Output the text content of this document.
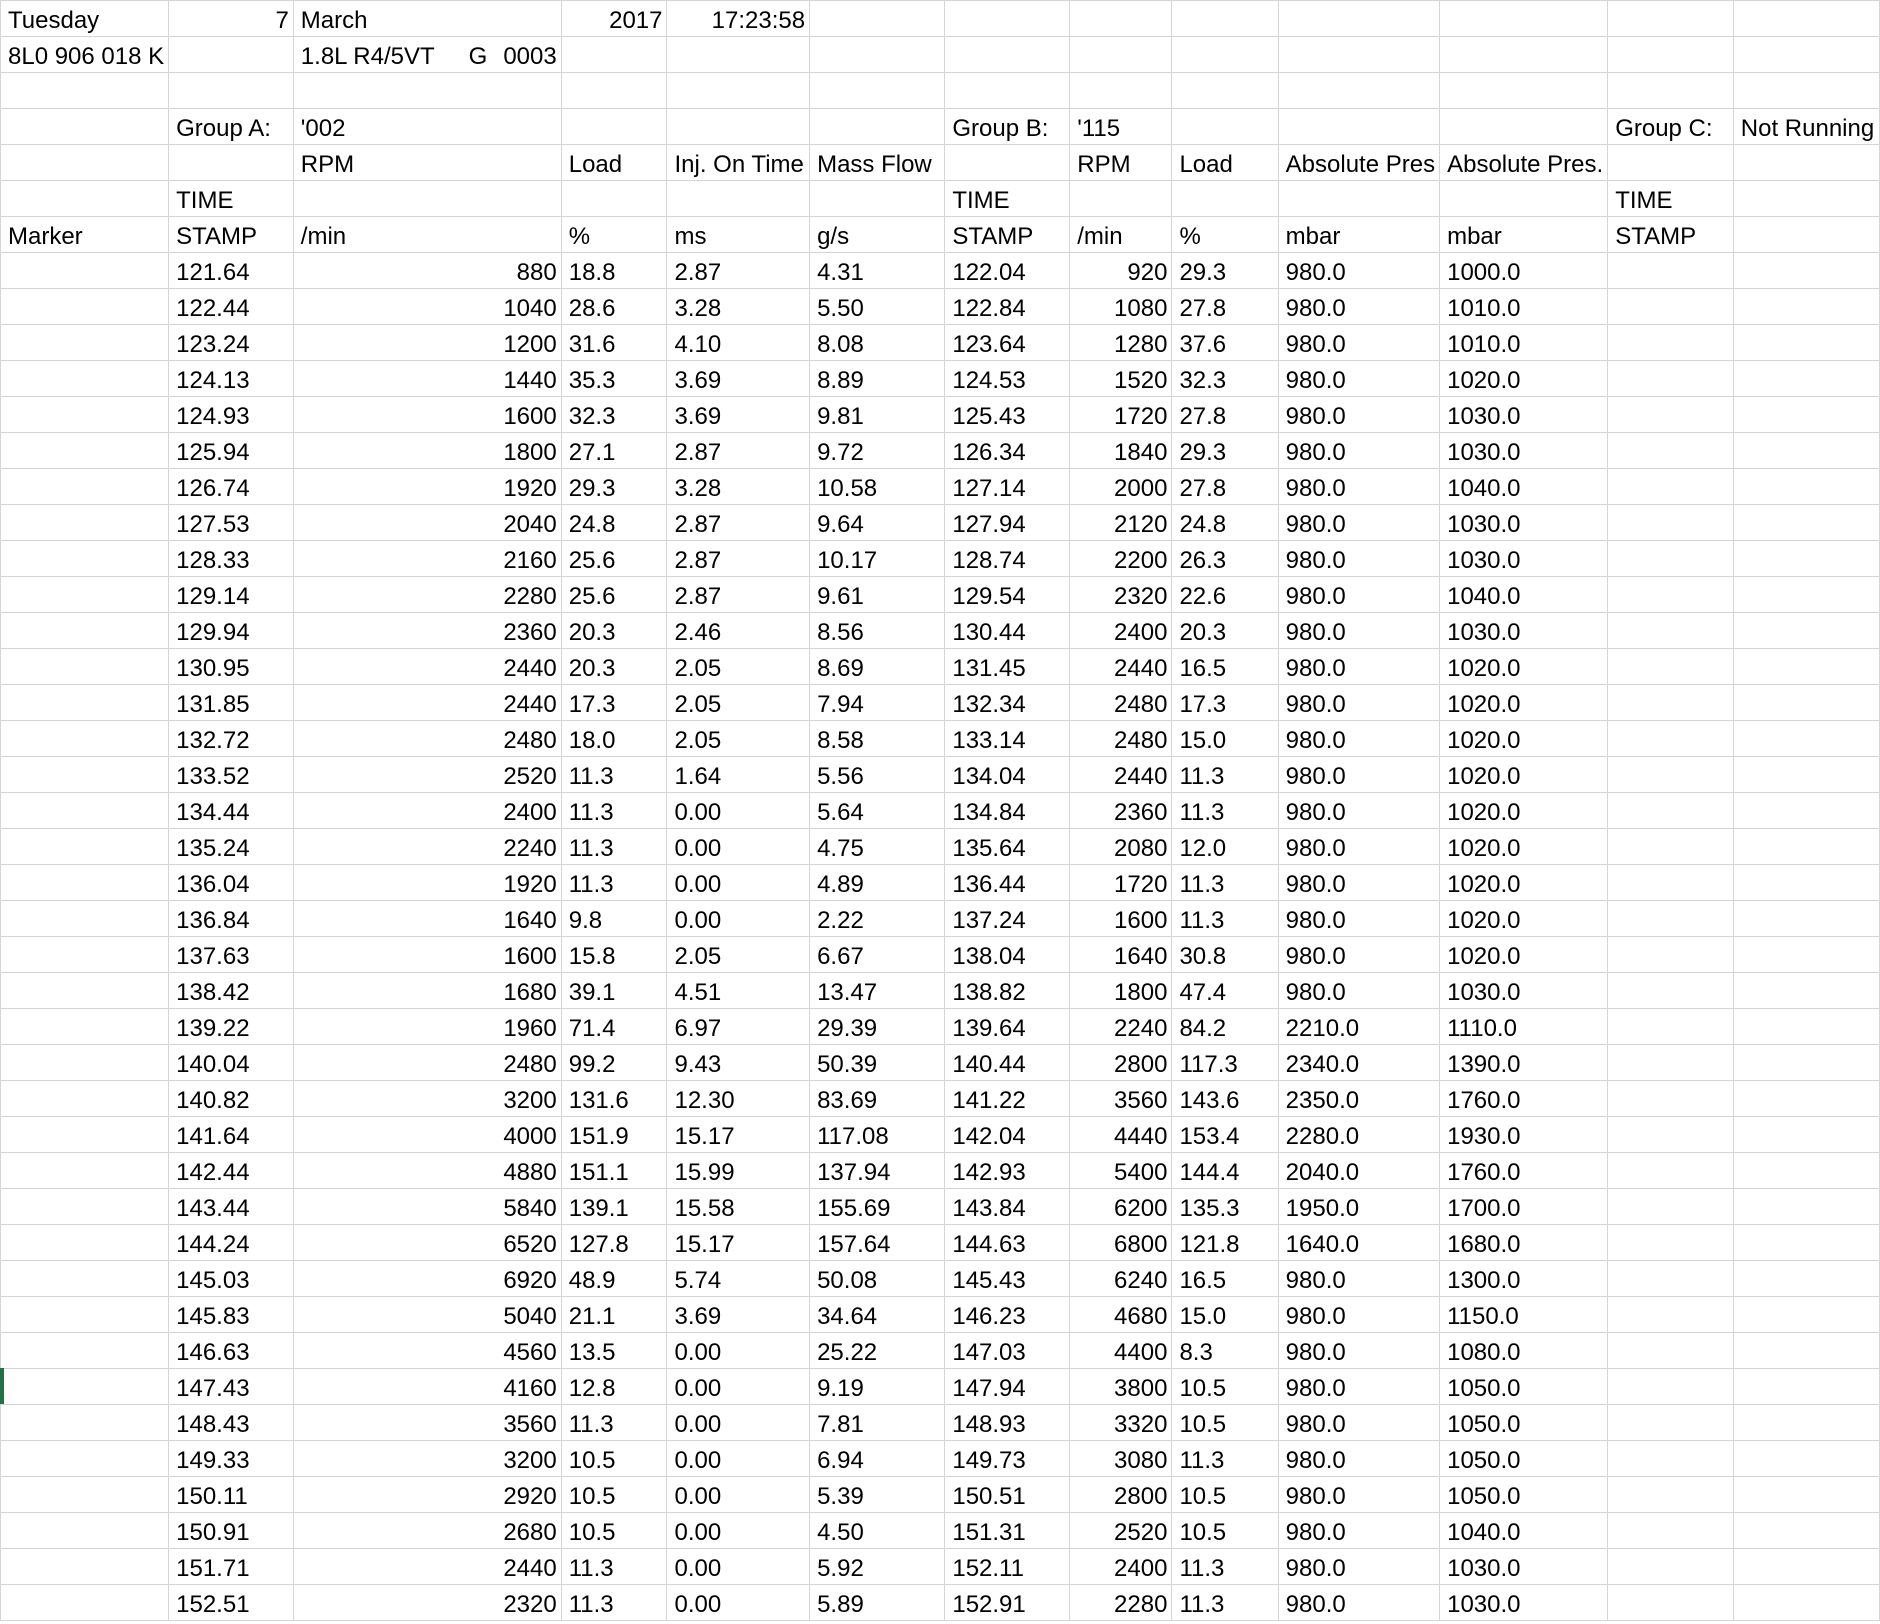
Tuesday	7	March	2017	17:23:58								
8L0 906 018 K		1.8L R4/5VT G 0003										

	Group A:	'002				Group B:	'115				Group C:	Not Running
		RPM	Load	Inj. On Time	Mass Flow		RPM	Load	Absolute Pres	Absolute Pres.		
	TIME					TIME					TIME	
Marker	STAMP	/min	%	ms	g/s	STAMP	/min	%	mbar	mbar	STAMP	
	121.64	880	18.8	2.87	4.31	122.04	920	29.3	980.0	1000.0		
	122.44	1040	28.6	3.28	5.50	122.84	1080	27.8	980.0	1010.0		
	123.24	1200	31.6	4.10	8.08	123.64	1280	37.6	980.0	1010.0		
	124.13	1440	35.3	3.69	8.89	124.53	1520	32.3	980.0	1020.0		
	124.93	1600	32.3	3.69	9.81	125.43	1720	27.8	980.0	1030.0		
	125.94	1800	27.1	2.87	9.72	126.34	1840	29.3	980.0	1030.0		
	126.74	1920	29.3	3.28	10.58	127.14	2000	27.8	980.0	1040.0		
	127.53	2040	24.8	2.87	9.64	127.94	2120	24.8	980.0	1030.0		
	128.33	2160	25.6	2.87	10.17	128.74	2200	26.3	980.0	1030.0		
	129.14	2280	25.6	2.87	9.61	129.54	2320	22.6	980.0	1040.0		
	129.94	2360	20.3	2.46	8.56	130.44	2400	20.3	980.0	1030.0		
	130.95	2440	20.3	2.05	8.69	131.45	2440	16.5	980.0	1020.0		
	131.85	2440	17.3	2.05	7.94	132.34	2480	17.3	980.0	1020.0		
	132.72	2480	18.0	2.05	8.58	133.14	2480	15.0	980.0	1020.0		
	133.52	2520	11.3	1.64	5.56	134.04	2440	11.3	980.0	1020.0		
	134.44	2400	11.3	0.00	5.64	134.84	2360	11.3	980.0	1020.0		
	135.24	2240	11.3	0.00	4.75	135.64	2080	12.0	980.0	1020.0		
	136.04	1920	11.3	0.00	4.89	136.44	1720	11.3	980.0	1020.0		
	136.84	1640	9.8	0.00	2.22	137.24	1600	11.3	980.0	1020.0		
	137.63	1600	15.8	2.05	6.67	138.04	1640	30.8	980.0	1020.0		
	138.42	1680	39.1	4.51	13.47	138.82	1800	47.4	980.0	1030.0		
	139.22	1960	71.4	6.97	29.39	139.64	2240	84.2	2210.0	1110.0		
	140.04	2480	99.2	9.43	50.39	140.44	2800	117.3	2340.0	1390.0		
	140.82	3200	131.6	12.30	83.69	141.22	3560	143.6	2350.0	1760.0		
	141.64	4000	151.9	15.17	117.08	142.04	4440	153.4	2280.0	1930.0		
	142.44	4880	151.1	15.99	137.94	142.93	5400	144.4	2040.0	1760.0		
	143.44	5840	139.1	15.58	155.69	143.84	6200	135.3	1950.0	1700.0		
	144.24	6520	127.8	15.17	157.64	144.63	6800	121.8	1640.0	1680.0		
	145.03	6920	48.9	5.74	50.08	145.43	6240	16.5	980.0	1300.0		
	145.83	5040	21.1	3.69	34.64	146.23	4680	15.0	980.0	1150.0		
	146.63	4560	13.5	0.00	25.22	147.03	4400	8.3	980.0	1080.0		
	147.43	4160	12.8	0.00	9.19	147.94	3800	10.5	980.0	1050.0		
	148.43	3560	11.3	0.00	7.81	148.93	3320	10.5	980.0	1050.0		
	149.33	3200	10.5	0.00	6.94	149.73	3080	11.3	980.0	1050.0		
	150.11	2920	10.5	0.00	5.39	150.51	2800	10.5	980.0	1050.0		
	150.91	2680	10.5	0.00	4.50	151.31	2520	10.5	980.0	1040.0		
	151.71	2440	11.3	0.00	5.92	152.11	2400	11.3	980.0	1030.0		
	152.51	2320	11.3	0.00	5.89	152.91	2280	11.3	980.0	1030.0		
